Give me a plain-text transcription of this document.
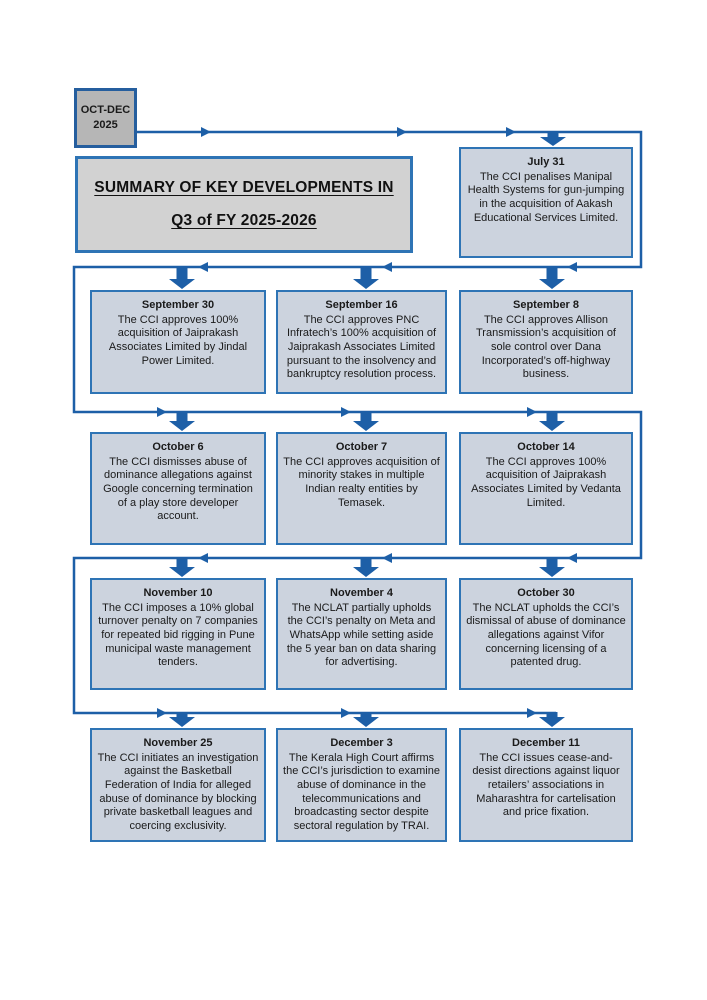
OCT-DEC
2025
SUMMARY OF KEY DEVELOPMENTS IN
Q3 of FY 2025-2026
July 31
The CCI penalises Manipal Health Systems for gun-jumping in the acquisition of Aakash Educational Services Limited.
September 30
The CCI approves 100% acquisition of Jaiprakash Associates Limited by Jindal Power Limited.
September 16
The CCI approves PNC Infratech’s 100% acquisition of Jaiprakash Associates Limited pursuant to the insolvency and bankruptcy resolution process.
September 8
The CCI approves Allison Transmission’s acquisition of sole control over Dana Incorporated’s off-highway business.
October 6
The CCI dismisses abuse of dominance allegations against Google concerning termination of a play store developer account.
October 7
The CCI approves acquisition of minority stakes in multiple Indian realty entities by Temasek.
October 14
The CCI approves 100% acquisition of Jaiprakash Associates Limited by Vedanta Limited.
November 10
The CCI imposes a 10% global turnover penalty on 7 companies for repeated bid rigging in Pune municipal waste management tenders.
November 4
The NCLAT partially upholds the CCI’s penalty on Meta and WhatsApp while setting aside the 5 year ban on data sharing for advertising.
October 30
The NCLAT upholds the CCI’s dismissal of abuse of dominance allegations against Vifor concerning licensing of a patented drug.
November 25
The CCI initiates an investigation against the Basketball Federation of India for alleged abuse of dominance by blocking private basketball leagues and coercing exclusivity.
December 3
The Kerala High Court affirms the CCI’s jurisdiction to examine abuse of dominance in the telecommunications and broadcasting sector despite sectoral regulation by TRAI.
December 11
The CCI issues cease-and-desist directions against liquor retailers’ associations in Maharashtra for cartelisation and price fixation.
